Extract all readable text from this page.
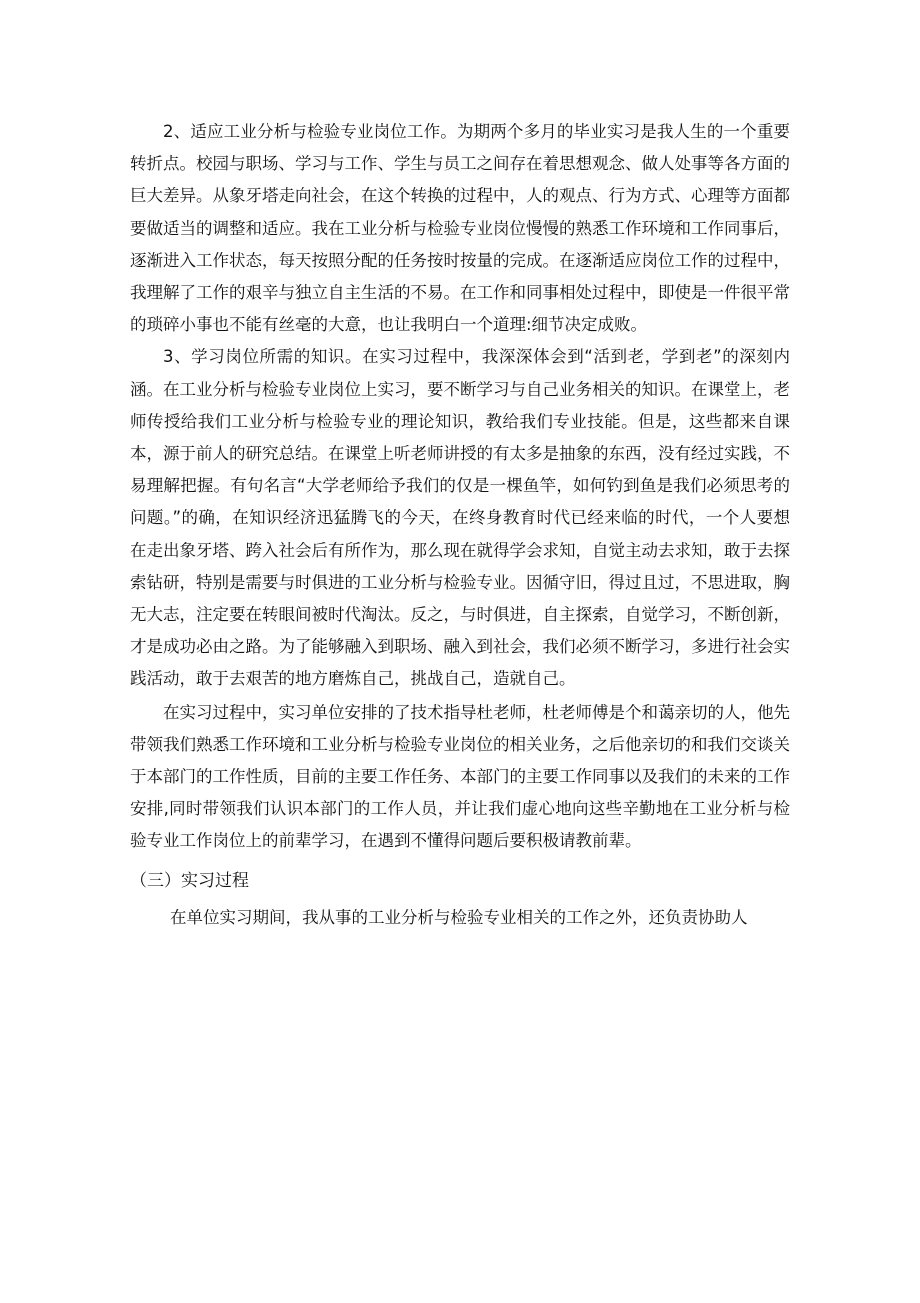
2、适应工业分析与检验专业岗位工作。为期两个多月的毕业实习是我人生的一个重要转折点。校园与职场、学习与工作、学生与员工之间存在着思想观念、做人处事等各方面的巨大差异。从象牙塔走向社会，在这个转换的过程中，人的观点、行为方式、心理等方面都要做适当的调整和适应。我在工业分析与检验专业岗位慢慢的熟悉工作环境和工作同事后，逐渐进入工作状态，每天按照分配的任务按时按量的完成。在逐渐适应岗位工作的过程中，我理解了工作的艰辛与独立自主生活的不易。在工作和同事相处过程中，即使是一件很平常的琐碎小事也不能有丝毫的大意，也让我明白一个道理:细节决定成败。

3、学习岗位所需的知识。在实习过程中，我深深体会到“活到老，学到老”的深刻内涵。在工业分析与检验专业岗位上实习，要不断学习与自己业务相关的知识。在课堂上，老师传授给我们工业分析与检验专业的理论知识，教给我们专业技能。但是，这些都来自课本，源于前人的研究总结。在课堂上听老师讲授的有太多是抽象的东西，没有经过实践，不易理解把握。有句名言“大学老师给予我们的仅是一棵鱼竿，如何钓到鱼是我们必须思考的问题。”的确，在知识经济迅猛腾飞的今天，在终身教育时代已经来临的时代，一个人要想在走出象牙塔、跨入社会后有所作为，那么现在就得学会求知，自觉主动去求知，敢于去探索钻研，特别是需要与时俱进的工业分析与检验专业。因循守旧，得过且过，不思进取，胸无大志，注定要在转眼间被时代淘汰。反之，与时俱进，自主探索，自觉学习，不断创新，才是成功必由之路。为了能够融入到职场、融入到社会，我们必须不断学习，多进行社会实践活动，敢于去艰苦的地方磨炼自己，挑战自己，造就自己。

在实习过程中，实习单位安排的了技术指导杜老师，杜老师傅是个和蔼亲切的人，他先带领我们熟悉工作环境和工业分析与检验专业岗位的相关业务，之后他亲切的和我们交谈关于本部门的工作性质，目前的主要工作任务、本部门的主要工作同事以及我们的未来的工作安排,同时带领我们认识本部门的工作人员，并让我们虚心地向这些辛勤地在工业分析与检验专业工作岗位上的前辈学习，在遇到不懂得问题后要积极请教前辈。

（三）实习过程

在单位实习期间，我从事的工业分析与检验专业相关的工作之外，还负责协助人
